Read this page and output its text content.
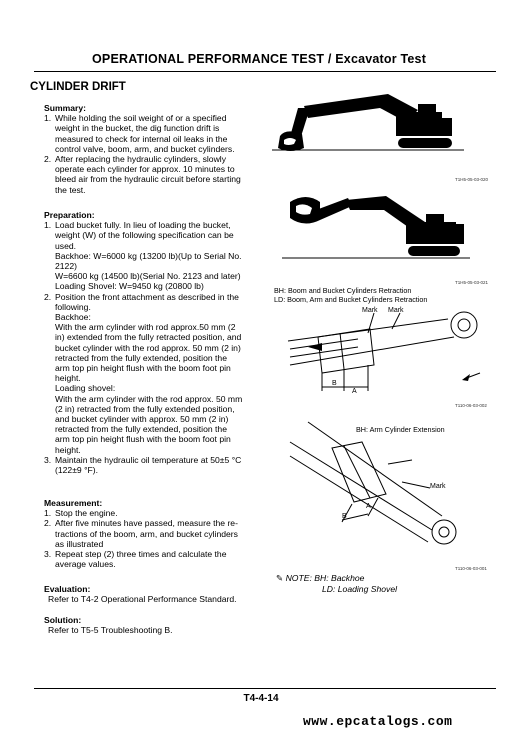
OPERATIONAL PERFORMANCE TEST / Excavator Test
CYLINDER DRIFT
Summary:
1. While holding the soil weight of or a specified
weight in the bucket, the dig function drift is
measured to check for internal oil leaks in the
control valve, boom, arm, and bucket cylinders.
2. After replacing the hydraulic cylinders, slowly
operate each cylinder for approx. 10 minutes to
bleed air from the hydraulic circuit before starting
the test.
Preparation:
1. Load bucket fully. In lieu of loading the bucket,
weight (W) of the following specification can be
used.
Backhoe: W=6000 kg (13200 lb)(Up to Serial No.
2122)
W=6600 kg (14500 lb)(Serial No. 2123 and later)
Loading Shovel: W=9450 kg (20800 lb)
2. Position the front attachment as described in the
following.
Backhoe:
With the arm cylinder with rod approx.50 mm (2
in) extended from the fully retracted position, and
bucket cylinder with the rod approx. 50 mm (2 in)
retracted from the fully extended, position the
arm top pin height flush with the boom foot pin
height.
Loading shovel:
With the arm cylinder with the rod approx. 50 mm
(2 in) retracted from the fully extended position,
and bucket cylinder with approx. 50 mm (2 in)
retracted from the fully extended, position the
arm top pin height flush with the boom foot pin
height.
3. Maintain the hydraulic oil temperature at 50±5 °C
(122±9 °F).
Measurement:
1. Stop the engine.
2. After five minutes have passed, measure the re-
tractions of the boom, arm, and bucket cylinders
as illustrated
3. Repeat step (2) three times and calculate the
average values.
Evaluation:
Refer to T4-2 Operational Performance Standard.
Solution:
Refer to T5-5 Troubleshooting B.
T1H5-05-03-020
T1H5-05-03-021
BH: Boom and Bucket Cylinders Retraction
LD: Boom, Arm and Bucket Cylinders Retraction
Mark Mark
B
A
T110-06-03-002
BH: Arm Cylinder Extension
Mark
B
A
T110-06-03-001
✎ NOTE: BH: Backhoe
LD: Loading Shovel
T4-4-14
www.epcatalogs.com
